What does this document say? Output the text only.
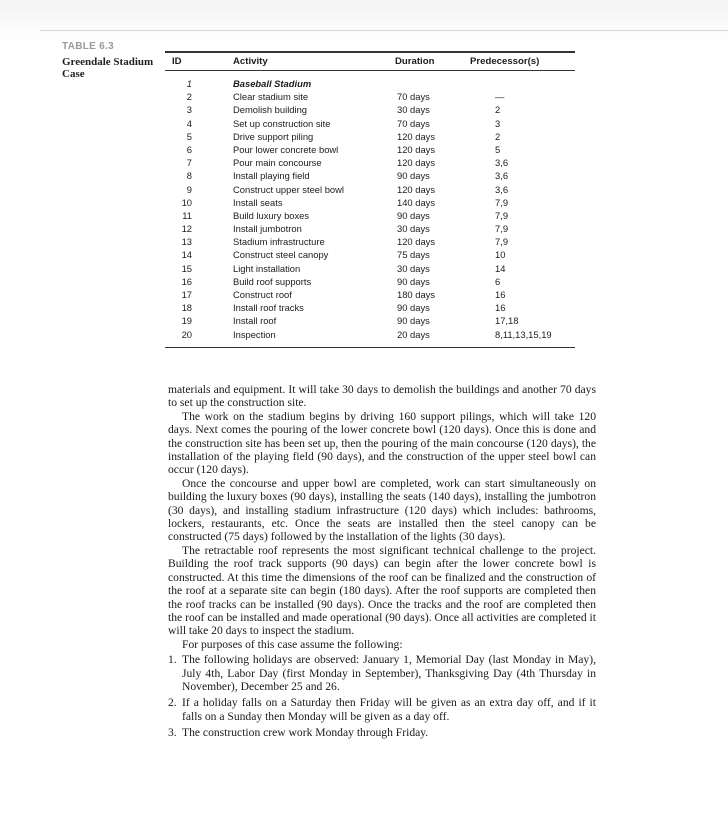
TABLE 6.3
Greendale Stadium Case
ID	Activity	Duration	Predecessor(s)
1	Baseball Stadium
2	Clear stadium site	70 days	—
3	Demolish building	30 days	2
4	Set up construction site	70 days	3
5	Drive support piling	120 days	2
6	Pour lower concrete bowl	120 days	5
7	Pour main concourse	120 days	3,6
8	Install playing field	90 days	3,6
9	Construct upper steel bowl	120 days	3,6
10	Install seats	140 days	7,9
11	Build luxury boxes	90 days	7,9
12	Install jumbotron	30 days	7,9
13	Stadium infrastructure	120 days	7,9
14	Construct steel canopy	75 days	10
15	Light installation	30 days	14
16	Build roof supports	90 days	6
17	Construct roof	180 days	16
18	Install roof tracks	90 days	16
19	Install roof	90 days	17,18
20	Inspection	20 days	8,11,13,15,19

materials and equipment. It will take 30 days to demolish the buildings and another 70 days to set up the construction site.

The work on the stadium begins by driving 160 support pilings, which will take 120 days. Next comes the pouring of the lower concrete bowl (120 days). Once this is done and the construction site has been set up, then the pouring of the main concourse (120 days), the installation of the playing field (90 days), and the construction of the upper steel bowl can occur (120 days).

Once the concourse and upper bowl are completed, work can start simultaneously on building the luxury boxes (90 days), installing the seats (140 days), installing the jumbotron (30 days), and installing stadium infrastructure (120 days) which includes: bathrooms, lockers, restaurants, etc. Once the seats are installed then the steel canopy can be constructed (75 days) followed by the installation of the lights (30 days).

The retractable roof represents the most significant technical challenge to the project. Building the roof track supports (90 days) can begin after the lower concrete bowl is constructed. At this time the dimensions of the roof can be finalized and the construction of the roof at a separate site can begin (180 days). After the roof supports are completed then the roof tracks can be installed (90 days). Once the tracks and the roof are completed then the roof can be installed and made operational (90 days). Once all activities are completed it will take 20 days to inspect the stadium.

For purposes of this case assume the following:

1. The following holidays are observed: January 1, Memorial Day (last Monday in May), July 4th, Labor Day (first Monday in September), Thanksgiving Day (4th Thursday in November), December 25 and 26.
2. If a holiday falls on a Saturday then Friday will be given as an extra day off, and if it falls on a Sunday then Monday will be given as a day off.
3. The construction crew work Monday through Friday.
